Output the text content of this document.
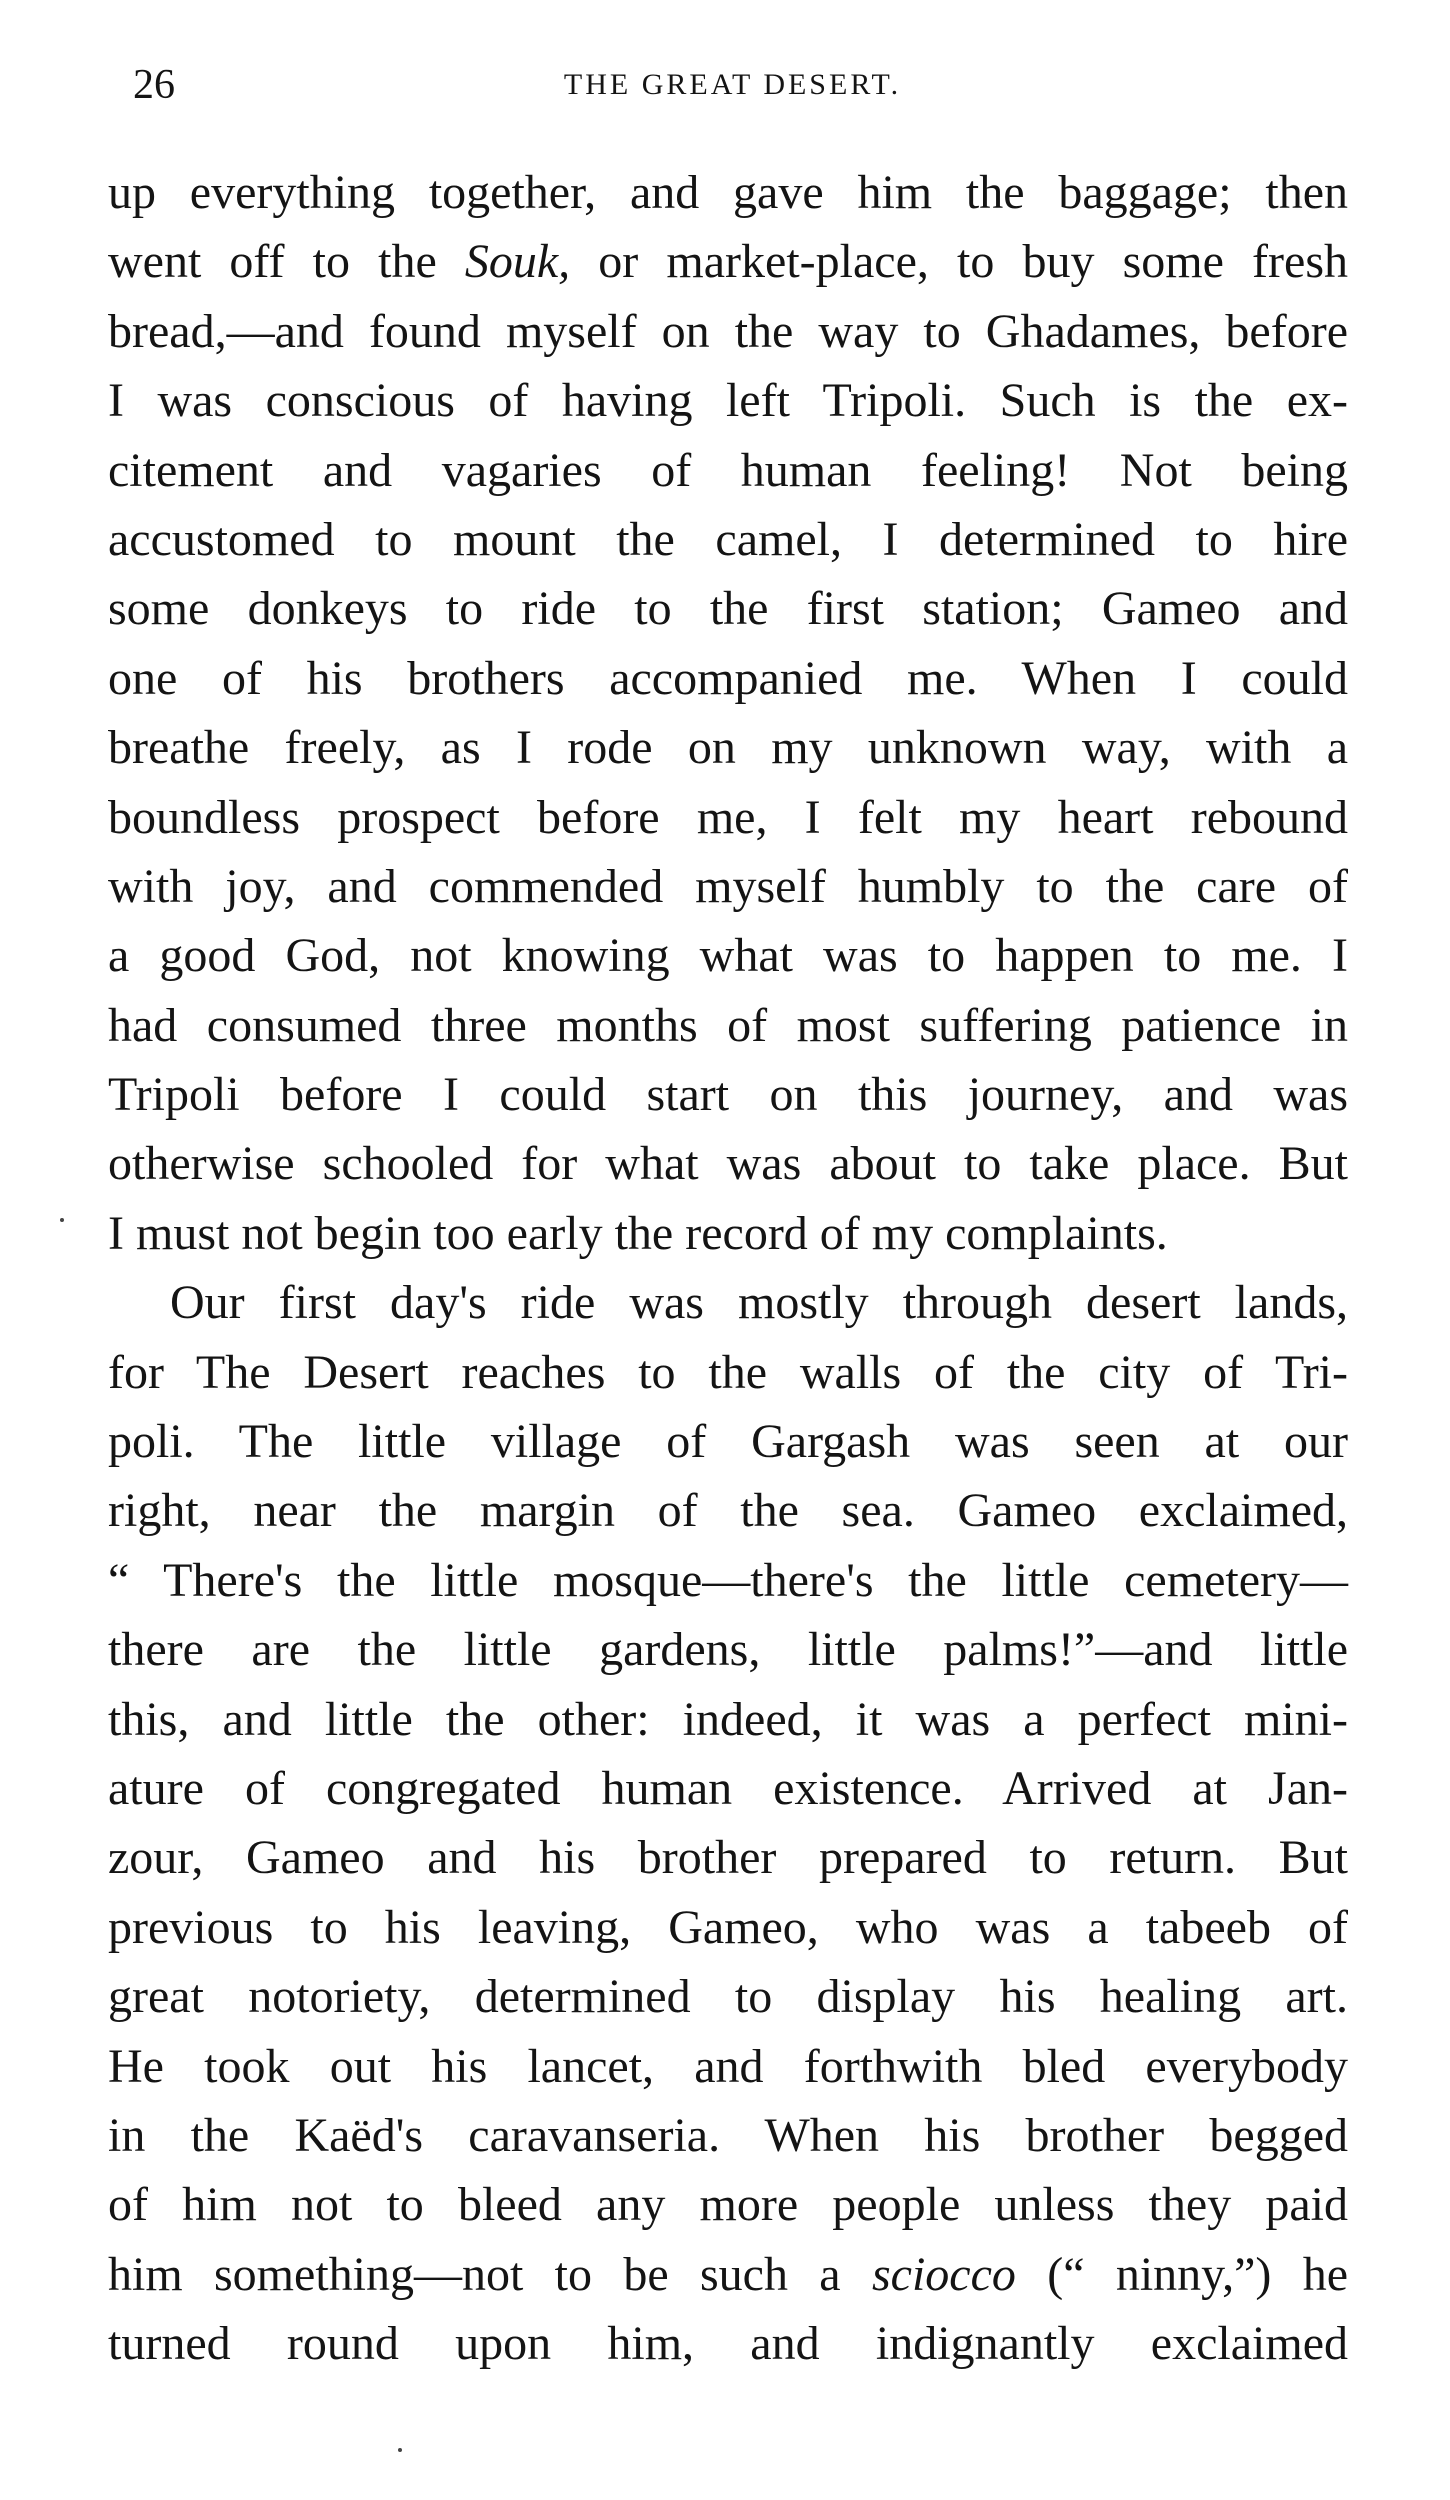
26	THE GREAT DESERT.
up everything together, and gave him the baggage; then
went off to the Souk, or market-place, to buy some fresh
bread,—and found myself on the way to Ghadames, before
I was conscious of having left Tripoli. Such is the ex-
citement and vagaries of human feeling! Not being
accustomed to mount the camel, I determined to hire
some donkeys to ride to the first station; Gameo and
one of his brothers accompanied me. When I could
breathe freely, as I rode on my unknown way, with a
boundless prospect before me, I felt my heart rebound
with joy, and commended myself humbly to the care of
a good God, not knowing what was to happen to me. I
had consumed three months of most suffering patience in
Tripoli before I could start on this journey, and was
otherwise schooled for what was about to take place. But
I must not begin too early the record of my complaints.
Our first day's ride was mostly through desert lands,
for The Desert reaches to the walls of the city of Tri-
poli. The little village of Gargash was seen at our
right, near the margin of the sea. Gameo exclaimed,
“ There's the little mosque—there's the little cemetery—
there are the little gardens, little palms!”—and little
this, and little the other: indeed, it was a perfect mini-
ature of congregated human existence. Arrived at Jan-
zour, Gameo and his brother prepared to return. But
previous to his leaving, Gameo, who was a tabeeb of
great notoriety, determined to display his healing art.
He took out his lancet, and forthwith bled everybody
in the Kaëd's caravanseria. When his brother begged
of him not to bleed any more people unless they paid
him something—not to be such a sciocco (“ ninny,”) he
turned round upon him, and indignantly exclaimed
